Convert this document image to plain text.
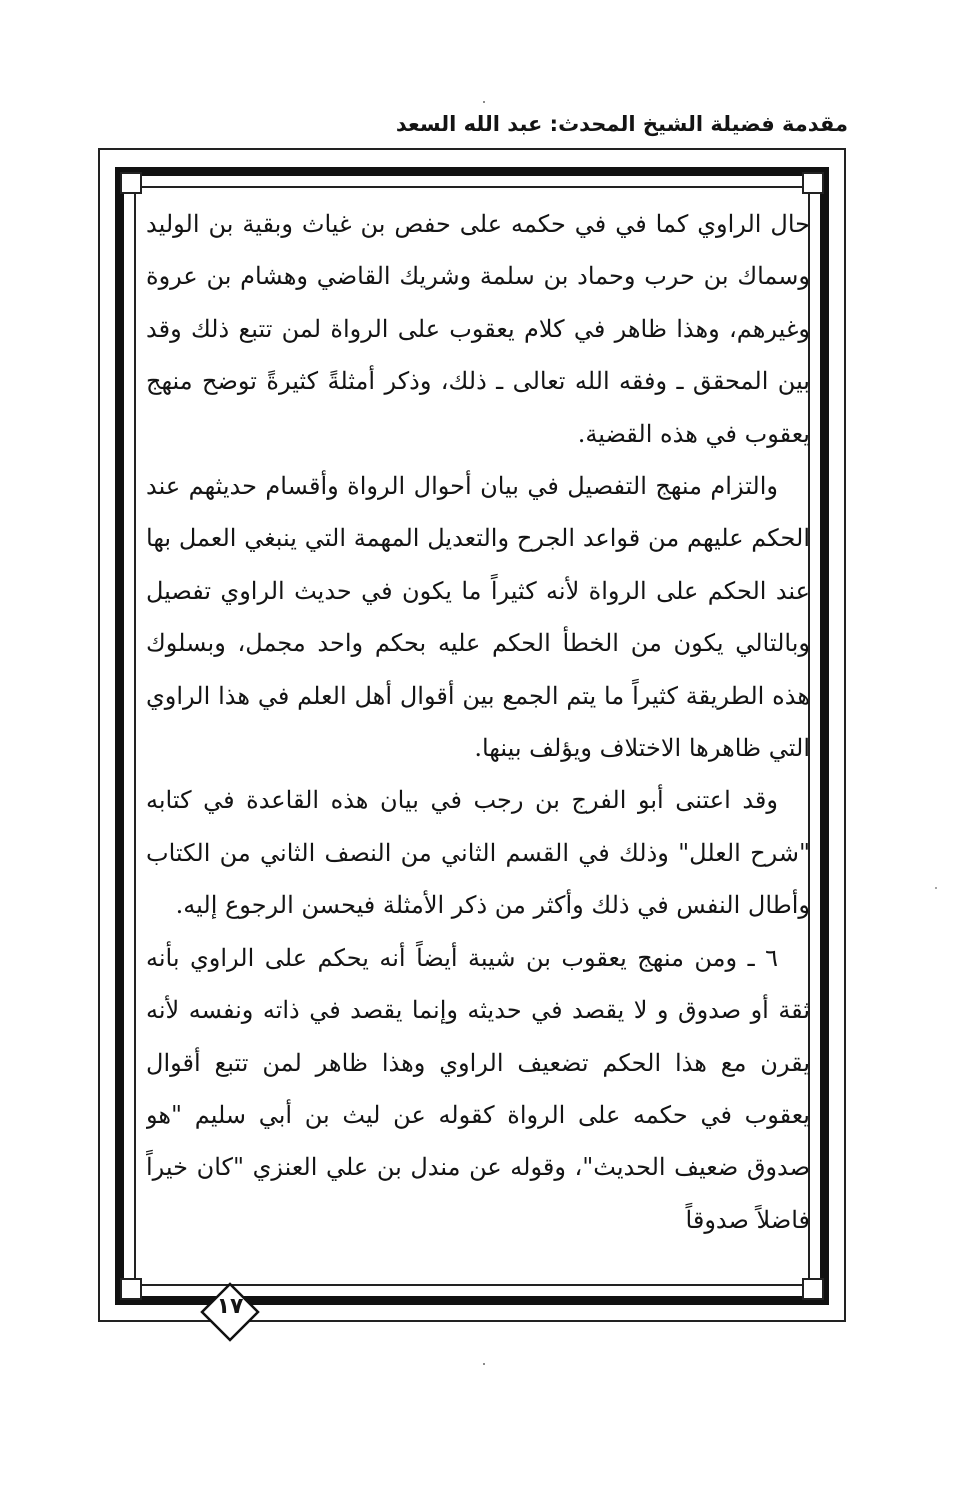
مقدمة فضيلة الشيخ المحدث: عبد الله السعد

حال الراوي كما في في حكمه على حفص بن غياث وبقية بن الوليد وسماك بن حرب وحماد بن سلمة وشريك القاضي وهشام بن عروة وغيرهم، وهذا ظاهر في كلام يعقوب على الرواة لمن تتبع ذلك وقد بين المحقق ـ وفقه الله تعالى ـ ذلك، وذكر أمثلةً كثيرةً توضح منهج يعقوب في هذه القضية.

والتزام منهج التفصيل في بيان أحوال الرواة وأقسام حديثهم عند الحكم عليهم من قواعد الجرح والتعديل المهمة التي ينبغي العمل بها عند الحكم على الرواة لأنه كثيراً ما يكون في حديث الراوي تفصيل وبالتالي يكون من الخطأ الحكم عليه بحكم واحد مجمل، وبسلوك هذه الطريقة كثيراً ما يتم الجمع بين أقوال أهل العلم في هذا الراوي التي ظاهرها الاختلاف ويؤلف بينها.

وقد اعتنى أبو الفرج بن رجب في بيان هذه القاعدة في كتابه "شرح العلل" وذلك في القسم الثاني من النصف الثاني من الكتاب وأطال النفس في ذلك وأكثر من ذكر الأمثلة فيحسن الرجوع إليه.

٦ ـ ومن منهج يعقوب بن شيبة أيضاً أنه يحكم على الراوي بأنه ثقة أو صدوق و لا يقصد في حديثه وإنما يقصد في ذاته ونفسه لأنه يقرن مع هذا الحكم تضعيف الراوي وهذا ظاهر لمن تتبع أقوال يعقوب في حكمه على الرواة كقوله عن ليث بن أبي سليم "هو صدوق ضعيف الحديث"، وقوله عن مندل بن علي العنزي "كان خيراً فاضلاً صدوقاً

١٧
